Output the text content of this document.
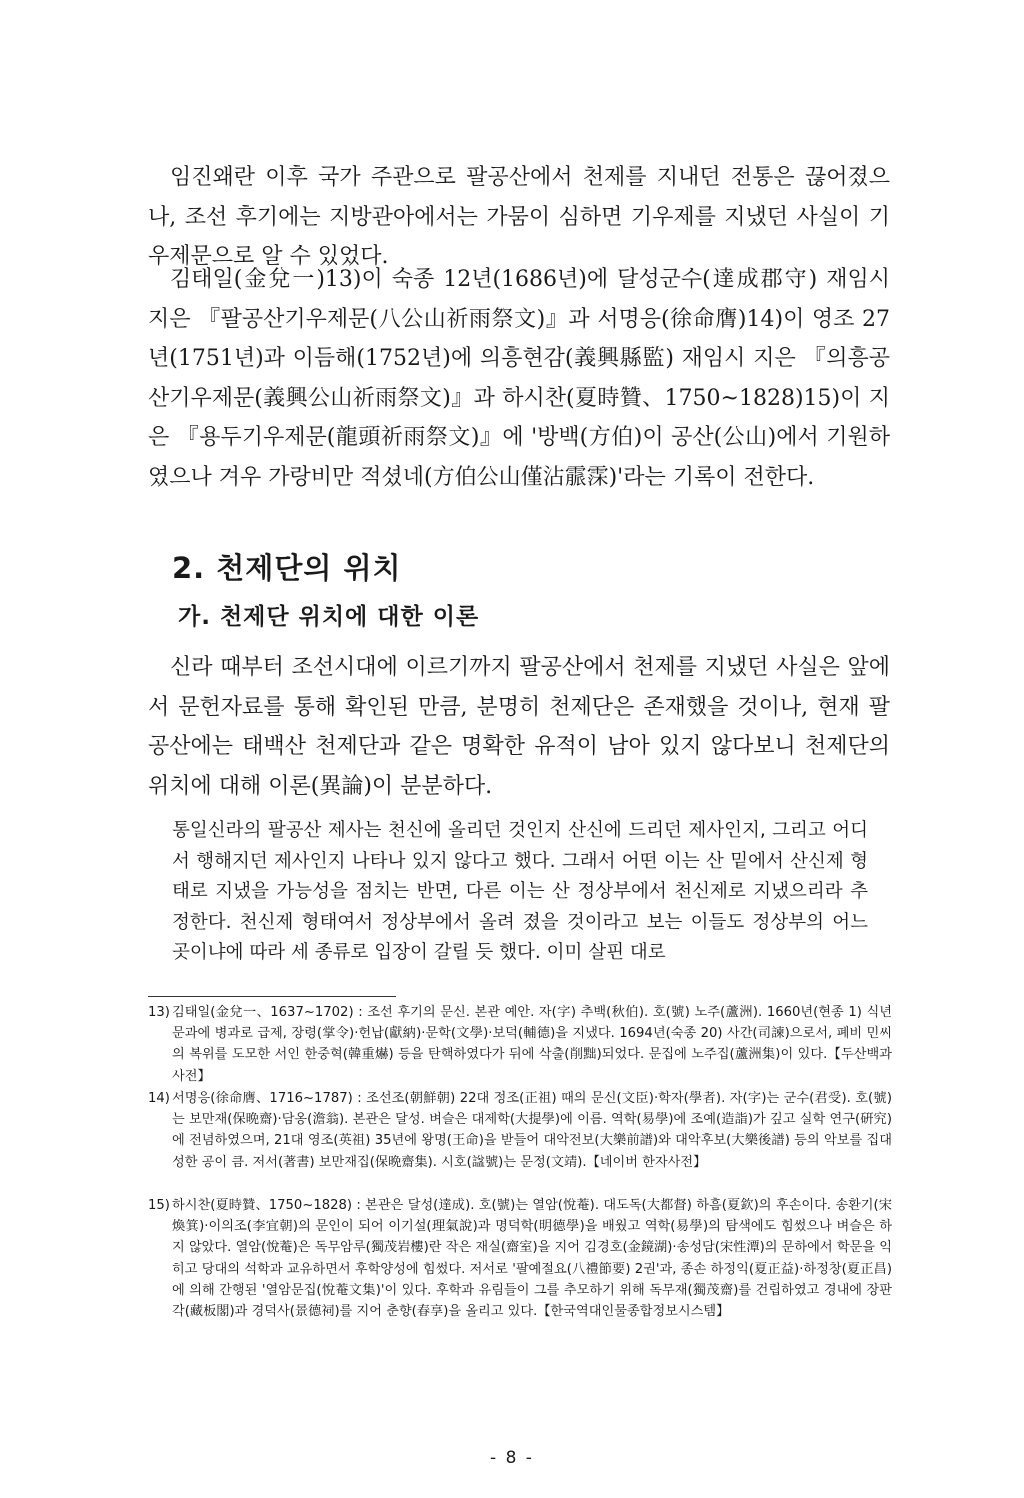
임진왜란 이후 국가 주관으로 팔공산에서 천제를 지내던 전통은 끊어졌으나, 조선 후기에는 지방관아에서는 가뭄이 심하면 기우제를 지냈던 사실이 기우제문으로 알 수 있었다.

김태일(金兌一)13)이 숙종 12년(1686년)에 달성군수(達成郡守) 재임시 지은 『팔공산기우제문(八公山祈雨祭文)』과 서명응(徐命膺)14)이 영조 27년(1751년)과 이듬해(1752년)에 의흥현감(義興縣監) 재임시 지은 『의흥공산기우제문(義興公山祈雨祭文)』과 하시찬(夏時贊、1750~1828)15)이 지은 『용두기우제문(龍頭祈雨祭文)』에 '방백(方伯)이 공산(公山)에서 기원하였으나 겨우 가랑비만 적셨네(方伯公山僅沾霢霂)'라는 기록이 전한다.

2. 천제단의 위치
가. 천제단 위치에 대한 이론

신라 때부터 조선시대에 이르기까지 팔공산에서 천제를 지냈던 사실은 앞에서 문헌자료를 통해 확인된 만큼, 분명히 천제단은 존재했을 것이나, 현재 팔공산에는 태백산 천제단과 같은 명확한 유적이 남아 있지 않다보니 천제단의 위치에 대해 이론(異論)이 분분하다.

통일신라의 팔공산 제사는 천신에 올리던 것인지 산신에 드리던 제사인지, 그리고 어디서 행해지던 제사인지 나타나 있지 않다고 했다. 그래서 어떤 이는 산 밑에서 산신제 형태로 지냈을 가능성을 점치는 반면, 다른 이는 산 정상부에서 천신제로 지냈으리라 추정한다. 천신제 형태여서 정상부에서 올려 졌을 것이라고 보는 이들도 정상부의 어느 곳이냐에 따라 세 종류로 입장이 갈릴 듯 했다. 이미 살핀 대로

13) 김태일(金兌一、1637~1702) : 조선 후기의 문신. 본관 예안. 자(字) 추백(秋伯). 호(號) 노주(蘆洲). 1660년(현종 1) 식년문과에 병과로 급제, 장령(掌令)·헌납(獻納)·문학(文學)·보덕(輔德)을 지냈다. 1694년(숙종 20) 사간(司諫)으로서, 폐비 민씨의 복위를 도모한 서인 한중혁(韓重爀) 등을 탄핵하였다가 뒤에 삭출(削黜)되었다. 문집에 노주집(蘆洲集)이 있다.【두산백과사전】
14) 서명응(徐命膺、1716~1787) : 조선조(朝鮮朝) 22대 정조(正祖) 때의 문신(文臣)·학자(學者). 자(字)는 군수(君受). 호(號)는 보만재(保晩齋)·담옹(澹翁). 본관은 달성. 벼슬은 대제학(大提學)에 이름. 역학(易學)에 조예(造詣)가 깊고 실학 연구(硏究)에 전념하였으며, 21대 영조(英祖) 35년에 왕명(王命)을 받들어 대악전보(大樂前譜)와 대악후보(大樂後譜) 등의 악보를 집대성한 공이 큼. 저서(著書) 보만재집(保晩齋集). 시호(諡號)는 문정(文靖).【네이버 한자사전】
15) 하시찬(夏時贊、1750~1828) : 본관은 달성(達成). 호(號)는 열암(悅菴). 대도독(大都督) 하흠(夏欽)의 후손이다. 송환기(宋煥箕)·이의조(李宜朝)의 문인이 되어 이기설(理氣說)과 명덕학(明德學)을 배웠고 역학(易學)의 탐색에도 힘썼으나 벼슬은 하지 않았다. 열암(悅菴)은 독무암루(獨茂岩樓)란 작은 재실(齋室)을 지어 김경호(金鏡湖)·송성담(宋性潭)의 문하에서 학문을 익히고 당대의 석학과 교유하면서 후학양성에 힘썼다. 저서로 '팔예절요(八禮節要) 2권'과, 종손 하정익(夏正益)·하정창(夏正昌)에 의해 간행된 '열암문집(悅菴文集)'이 있다. 후학과 유림들이 그를 추모하기 위해 독무재(獨茂齋)를 건립하였고 경내에 장판각(藏板閣)과 경덕사(景德祠)를 지어 춘향(春享)을 올리고 있다.【한국역대인물종합정보시스템】
- 8 -
